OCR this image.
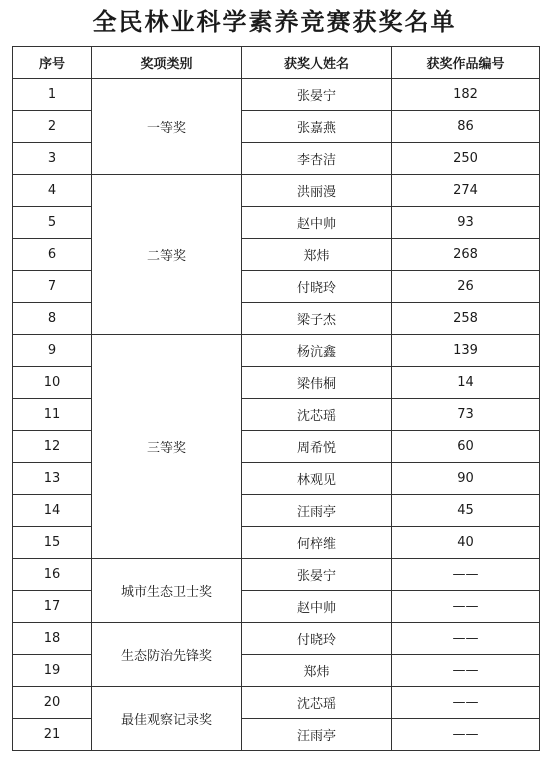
全民林业科学素养竞赛获奖名单
序号	奖项类别	获奖人姓名	获奖作品编号
1	一等奖	张晏宁	182
2		张嘉燕	86
3		李杏洁	250
4	二等奖	洪丽漫	274
5		赵中帅	93
6		郑炜	268
7		付晓玲	26
8		梁子杰	258
9	三等奖	杨沆鑫	139
10		梁伟桐	14
11		沈芯瑶	73
12		周希悦	60
13		林观见	90
14		汪雨亭	45
15		何梓维	40
16	城市生态卫士奖	张晏宁	——
17		赵中帅	——
18	生态防治先锋奖	付晓玲	——
19		郑炜	——
20	最佳观察记录奖	沈芯瑶	——
21		汪雨亭	——
